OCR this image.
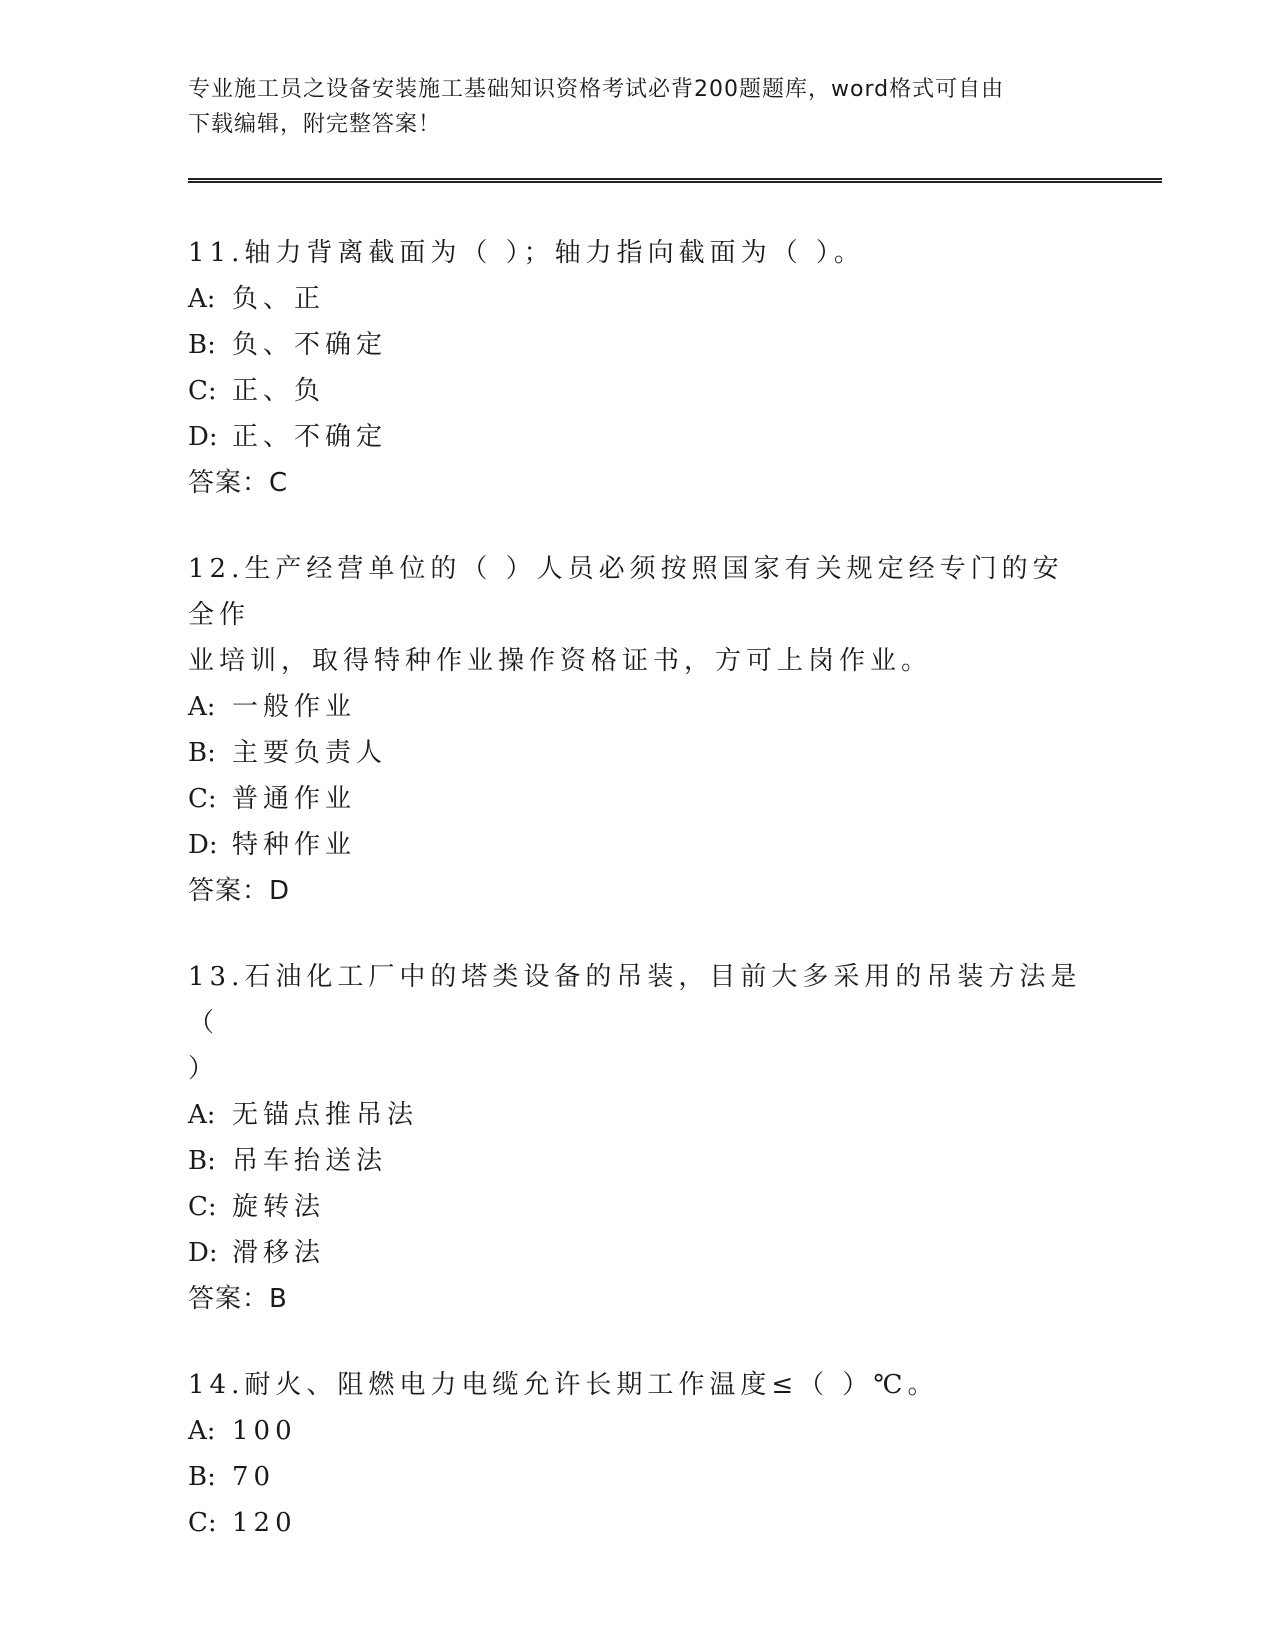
专业施工员之设备安装施工基础知识资格考试必背200题题库，word格式可自由
下载编辑，附完整答案！

11.轴力背离截面为（ ）；轴力指向截面为（ ）。

A: 负、正

B: 负、不确定

C: 正、负

D: 正、不确定

答案：C

12.生产经营单位的（ ）人员必须按照国家有关规定经专门的安全作

业培训，取得特种作业操作资格证书，方可上岗作业。

A: 一般作业

B: 主要负责人

C: 普通作业

D: 特种作业

答案：D

13.石油化工厂中的塔类设备的吊装，目前大多采用的吊装方法是（

）

A: 无锚点推吊法

B: 吊车抬送法

C: 旋转法

D: 滑移法

答案：B

14.耐火、阻燃电力电缆允许长期工作温度≤（ ）℃。

A: 100

B: 70

C: 120
